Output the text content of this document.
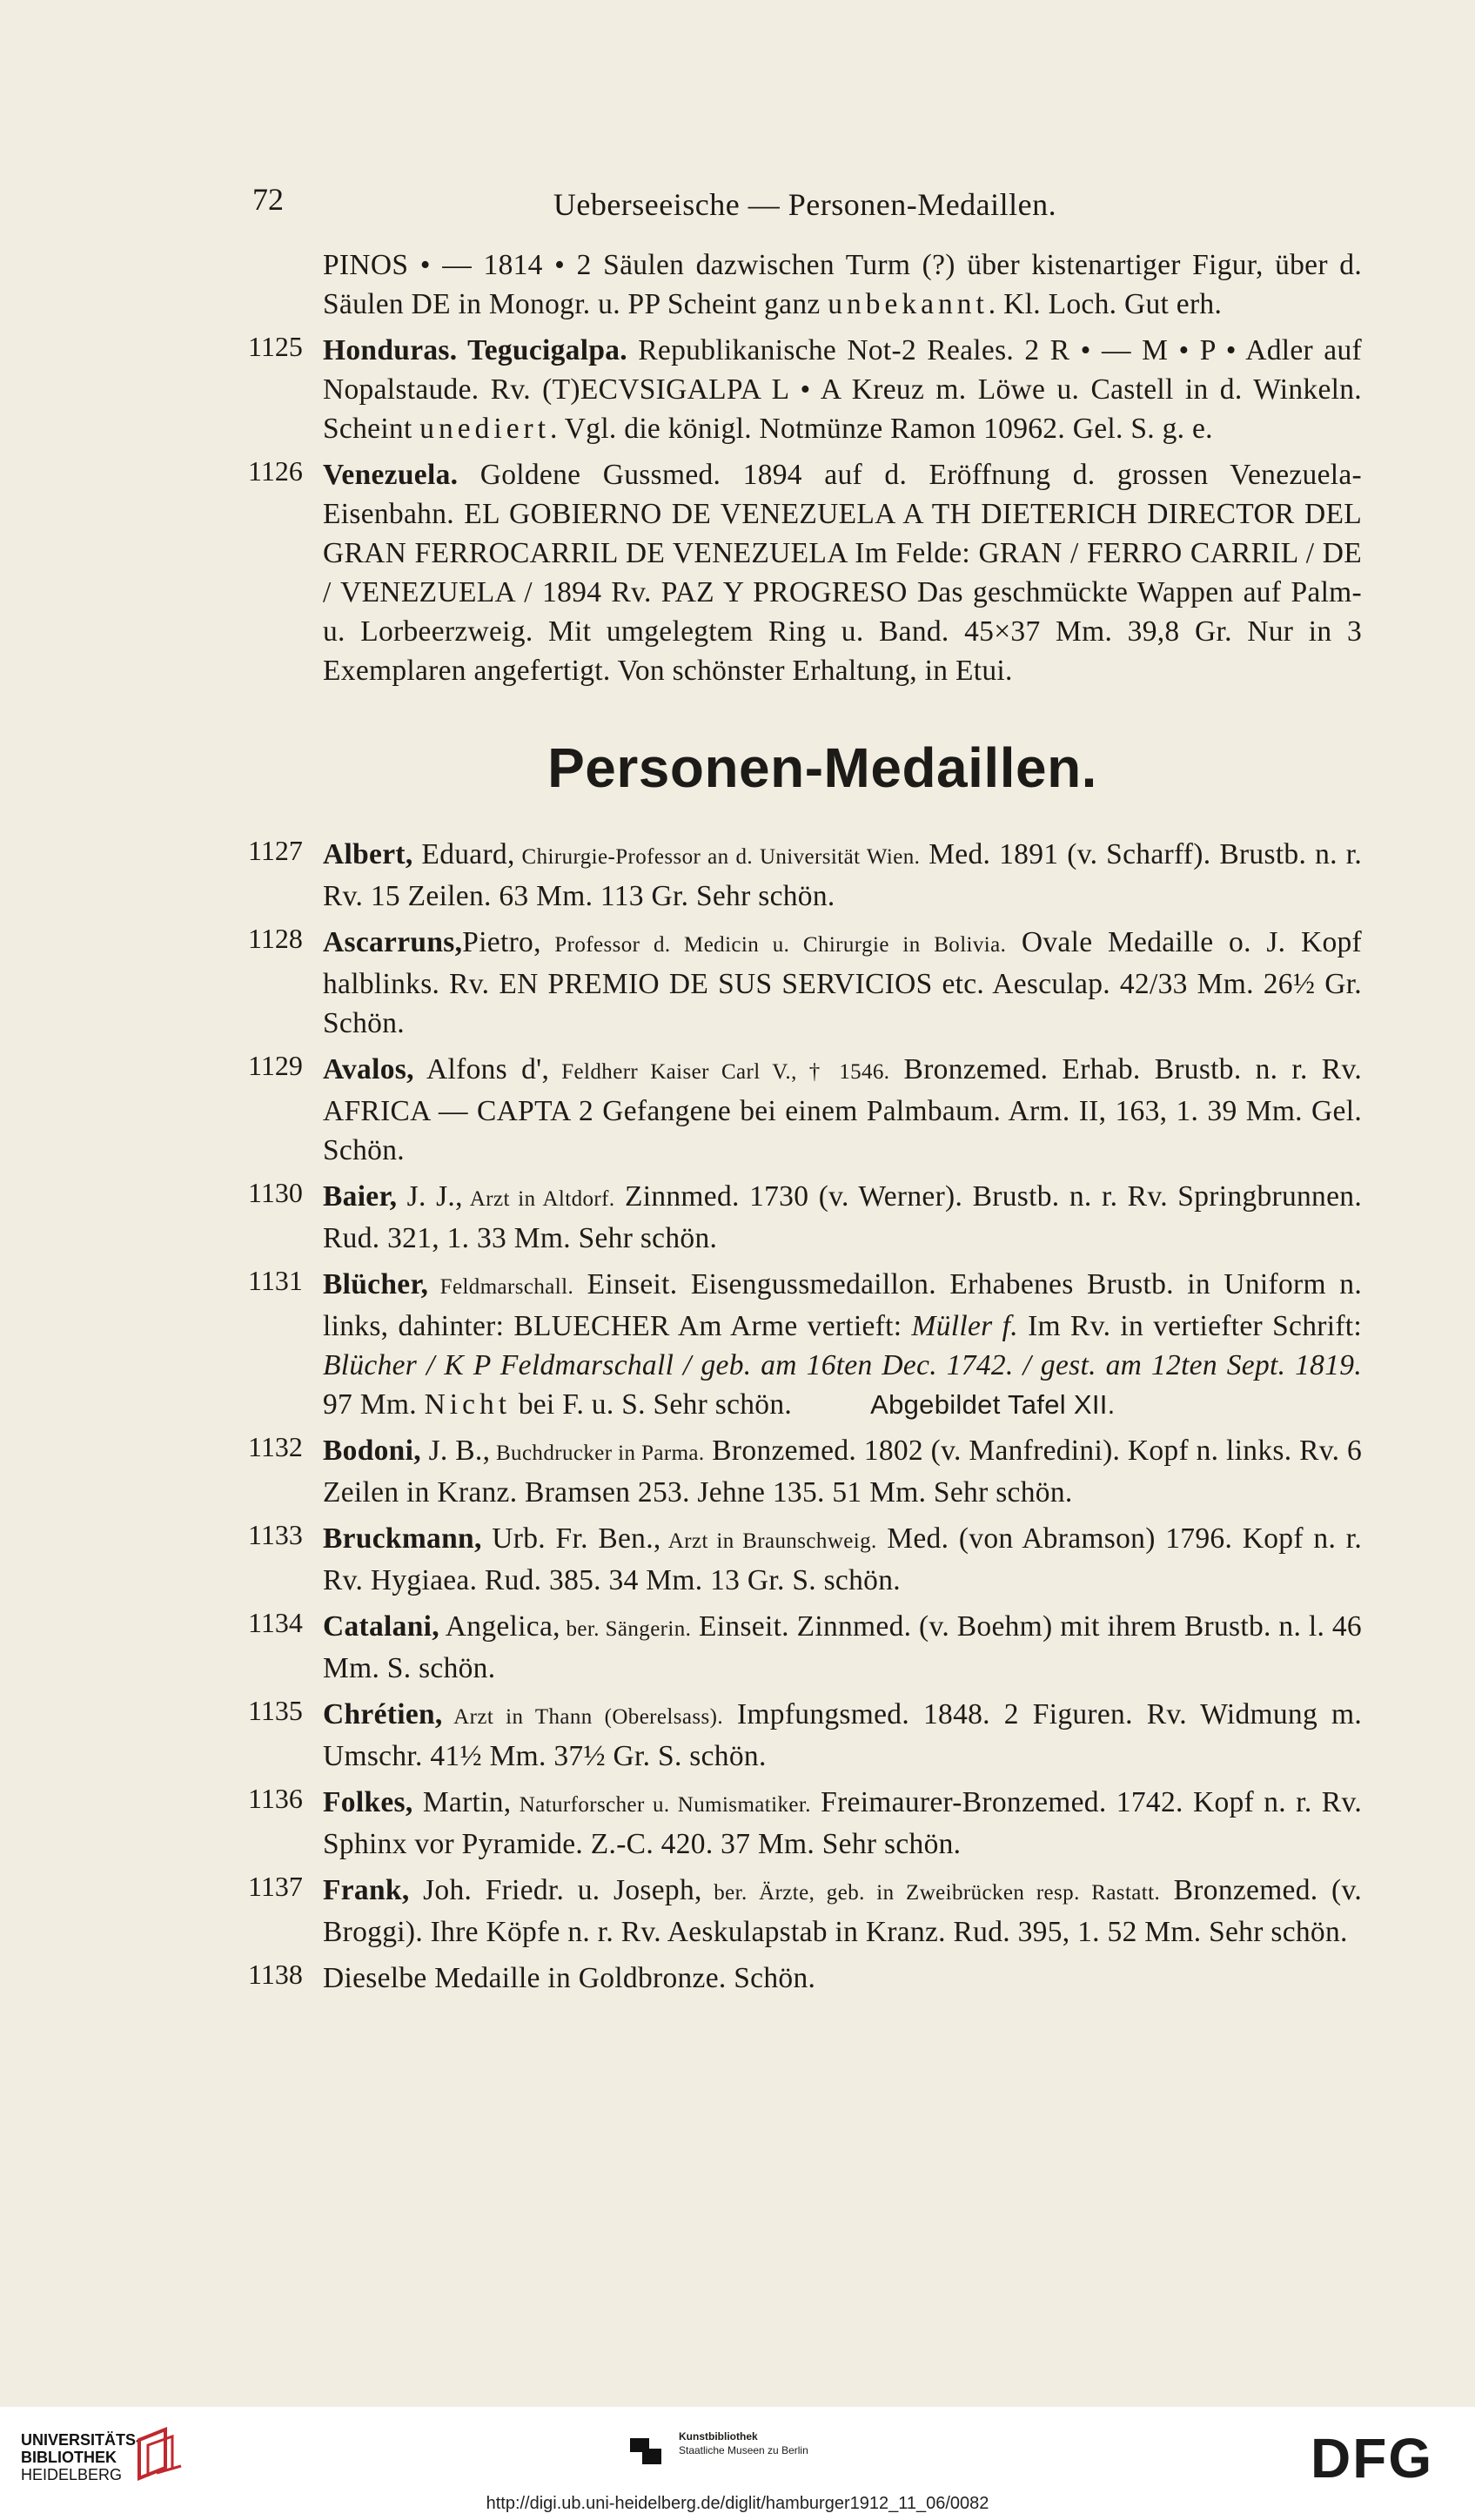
72	Ueberseeische — Personen-Medaillen.
PINOS • — 1814 • 2 Säulen dazwischen Turm (?) über kistenartiger Figur, über d. Säulen DE in Monogr. u. PP Scheint ganz unbekannt. Kl. Loch. Gut erh.
1125 Honduras. Tegucigalpa. Republikanische Not-2 Reales. 2 R • — M • P • Adler auf Nopalstaude. Rv. (T)ECVSIGALPA L • A Kreuz m. Löwe u. Castell in d. Winkeln. Scheint unediert. Vgl. die königl. Notmünze Ramon 10962. Gel. S. g. e.
1126 Venezuela. Goldene Gussmed. 1894 auf d. Eröffnung d. grossen Venezuela-Eisenbahn. EL GOBIERNO DE VENEZUELA A TH DIETERICH DIRECTOR DEL GRAN FERROCARRIL DE VENEZUELA Im Felde: GRAN / FERRO CARRIL / DE / VENEZUELA / 1894 Rv. PAZ Y PROGRESO Das geschmückte Wappen auf Palm- u. Lorbeerzweig. Mit umgelegtem Ring u. Band. 45×37 Mm. 39,8 Gr. Nur in 3 Exemplaren angefertigt. Von schönster Erhaltung, in Etui.
Personen-Medaillen.
1127 Albert, Eduard, Chirurgie-Professor an d. Universität Wien. Med. 1891 (v. Scharff). Brustb. n. r. Rv. 15 Zeilen. 63 Mm. 113 Gr. Sehr schön.
1128 Ascarruns,Pietro, Professor d. Medicin u. Chirurgie in Bolivia. Ovale Medaille o. J. Kopf halblinks. Rv. EN PREMIO DE SUS SERVICIOS etc. Aesculap. 42/33 Mm. 26½ Gr. Schön.
1129 Avalos, Alfons d', Feldherr Kaiser Carl V., † 1546. Bronzemed. Erhab. Brustb. n. r. Rv. AFRICA — CAPTA 2 Gefangene bei einem Palmbaum. Arm. II, 163, 1. 39 Mm. Gel. Schön.
1130 Baier, J. J., Arzt in Altdorf. Zinnmed. 1730 (v. Werner). Brustb. n. r. Rv. Springbrunnen. Rud. 321, 1. 33 Mm. Sehr schön.
1131 Blücher, Feldmarschall. Einseit. Eisengussmedaillon. Erhabenes Brustb. in Uniform n. links, dahinter: BLUECHER Am Arme vertieft: Müller f. Im Rv. in vertiefter Schrift: Blücher / K P Feldmarschall / geb. am 16ten Dec. 1742. / gest. am 12ten Sept. 1819. 97 Mm. Nicht bei F. u. S. Sehr schön.	Abgebildet Tafel XII.
1132 Bodoni, J. B., Buchdrucker in Parma. Bronzemed. 1802 (v. Manfredini). Kopf n. links. Rv. 6 Zeilen in Kranz. Bramsen 253. Jehne 135. 51 Mm. Sehr schön.
1133 Bruckmann, Urb. Fr. Ben., Arzt in Braunschweig. Med. (von Abramson) 1796. Kopf n. r. Rv. Hygiaea. Rud. 385. 34 Mm. 13 Gr. S. schön.
1134 Catalani, Angelica, ber. Sängerin. Einseit. Zinnmed. (v. Boehm) mit ihrem Brustb. n. l. 46 Mm. S. schön.
1135 Chrétien, Arzt in Thann (Oberelsass). Impfungsmed. 1848. 2 Figuren. Rv. Widmung m. Umschr. 41½ Mm. 37½ Gr. S. schön.
1136 Folkes, Martin, Naturforscher u. Numismatiker. Freimaurer-Bronzemed. 1742. Kopf n. r. Rv. Sphinx vor Pyramide. Z.-C. 420. 37 Mm. Sehr schön.
1137 Frank, Joh. Friedr. u. Joseph, ber. Ärzte, geb. in Zweibrücken resp. Rastatt. Bronzemed. (v. Broggi). Ihre Köpfe n. r. Rv. Aeskulapstab in Kranz. Rud. 395, 1. 52 Mm. Sehr schön.
1138 Dieselbe Medaille in Goldbronze. Schön.
UNIVERSITÄTS-
BIBLIOTHEK
HEIDELBERG
Kunstbibliothek
Staatliche Museen zu Berlin	DFG
http://digi.ub.uni-heidelberg.de/diglit/hamburger1912_11_06/0082
